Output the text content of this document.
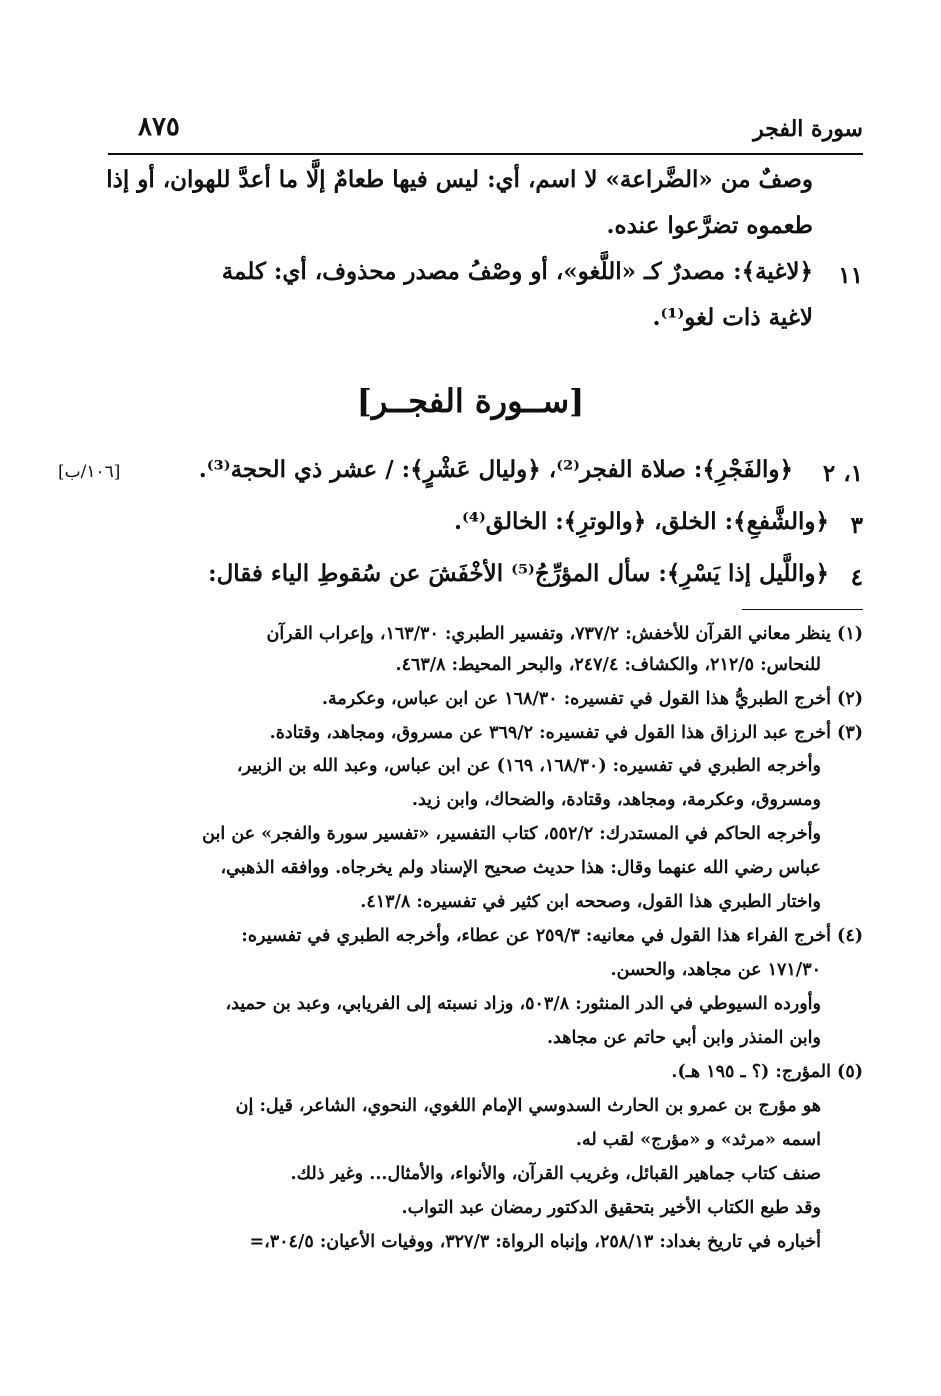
سورة الفجر
٨٧٥
وصفٌ من «الضَّراعة» لا اسم، أي: ليس فيها طعامٌ إلَّا ما أعدَّ للهوان، أو إذا
طعموه تضرَّعوا عنده.
١١
﴿لاغية﴾: مصدرٌ كـ «اللَّغو»، أو وصْفُ مصدر محذوف، أي: كلمة
لاغية ذات لغو⁽¹⁾.
[ســورة الفجــر]
١، ٢
﴿والفَجْرِ﴾: صلاة الفجر⁽²⁾، ﴿وليال عَشْرٍ﴾: / عشر ذي الحجة⁽³⁾.
[١٠٦/ب]
٣
﴿والشَّفعِ﴾: الخلق، ﴿والوترِ﴾: الخالق⁽⁴⁾.
٤
﴿واللَّيل إذا يَسْرِ﴾: سأل المؤرِّجُ⁽⁵⁾ الأخْفَشَ عن سُقوطِ الياء فقال:
(١) ينظر معاني القرآن للأخفش: ٧٣٧/٢، وتفسير الطبري: ١٦٣/٣٠، وإعراب القرآن
للنحاس: ٢١٢/٥، والكشاف: ٢٤٧/٤، والبحر المحيط: ٤٦٣/٨.
(٢) أخرج الطبريُّ هذا القول في تفسيره: ١٦٨/٣٠ عن ابن عباس، وعكرمة.
(٣) أخرج عبد الرزاق هذا القول في تفسيره: ٣٦٩/٢ عن مسروق، ومجاهد، وقتادة.
وأخرجه الطبري في تفسيره: (١٦٨/٣٠، ١٦٩) عن ابن عباس، وعبد الله بن الزبير،
ومسروق، وعكرمة، ومجاهد، وقتادة، والضحاك، وابن زيد.
وأخرجه الحاكم في المستدرك: ٥٥٢/٢، كتاب التفسير، «تفسير سورة والفجر» عن ابن
عباس رضي الله عنهما وقال: هذا حديث صحيح الإسناد ولم يخرجاه. ووافقه الذهبي،
واختار الطبري هذا القول، وصححه ابن كثير في تفسيره: ٤١٣/٨.
(٤) أخرج الفراء هذا القول في معانيه: ٢٥٩/٣ عن عطاء، وأخرجه الطبري في تفسيره:
١٧١/٣٠ عن مجاهد، والحسن.
وأورده السيوطي في الدر المنثور: ٥٠٣/٨، وزاد نسبته إلى الفريابي، وعبد بن حميد،
وابن المنذر وابن أبي حاتم عن مجاهد.
(٥) المؤرج: (؟ ـ ١٩٥ هـ).
هو مؤرج بن عمرو بن الحارث السدوسي الإمام اللغوي، النحوي، الشاعر، قيل: إن
اسمه «مرثد» و «مؤرج» لقب له.
صنف كتاب جماهير القبائل، وغريب القرآن، والأنواء، والأمثال... وغير ذلك.
وقد طبع الكتاب الأخير بتحقيق الدكتور رمضان عبد التواب.
أخباره في تاريخ بغداد: ٢٥٨/١٣، وإنباه الرواة: ٣٢٧/٣، ووفيات الأعيان: ٣٠٤/٥،=
